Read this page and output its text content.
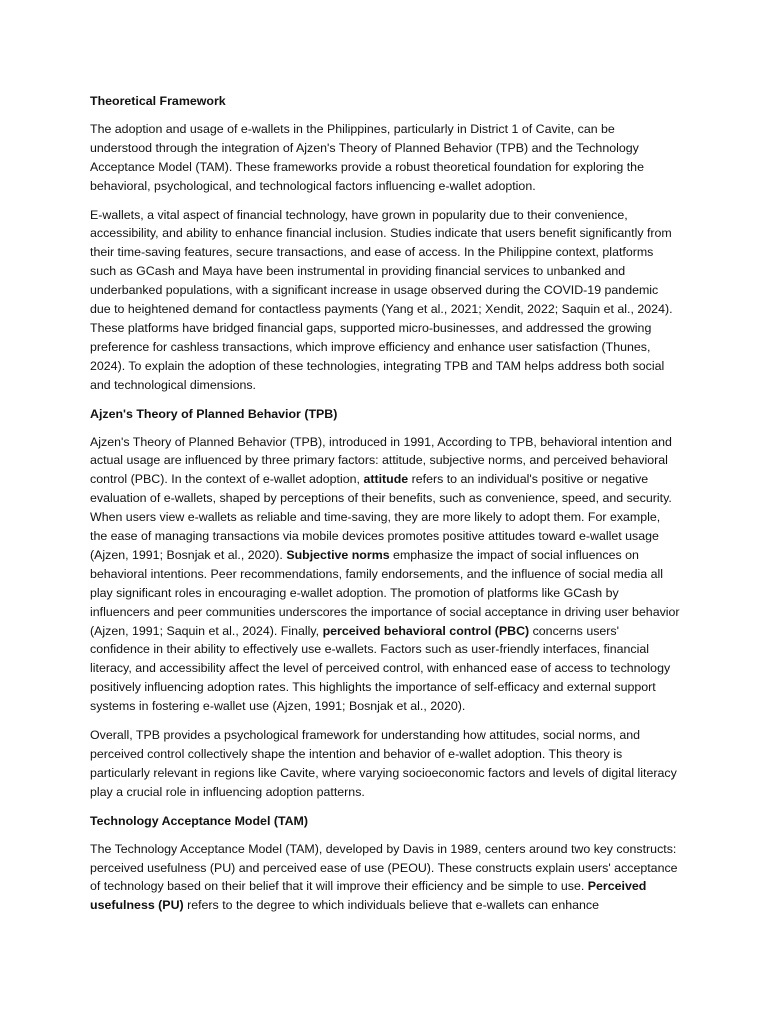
Theoretical Framework

The adoption and usage of e-wallets in the Philippines, particularly in District 1 of Cavite, can be understood through the integration of Ajzen's Theory of Planned Behavior (TPB) and the Technology Acceptance Model (TAM). These frameworks provide a robust theoretical foundation for exploring the behavioral, psychological, and technological factors influencing e-wallet adoption.

E-wallets, a vital aspect of financial technology, have grown in popularity due to their convenience, accessibility, and ability to enhance financial inclusion. Studies indicate that users benefit significantly from their time-saving features, secure transactions, and ease of access. In the Philippine context, platforms such as GCash and Maya have been instrumental in providing financial services to unbanked and underbanked populations, with a significant increase in usage observed during the COVID-19 pandemic due to heightened demand for contactless payments (Yang et al., 2021; Xendit, 2022; Saquin et al., 2024). These platforms have bridged financial gaps, supported micro-businesses, and addressed the growing preference for cashless transactions, which improve efficiency and enhance user satisfaction (Thunes, 2024). To explain the adoption of these technologies, integrating TPB and TAM helps address both social and technological dimensions.

Ajzen's Theory of Planned Behavior (TPB)

Ajzen's Theory of Planned Behavior (TPB), introduced in 1991, According to TPB, behavioral intention and actual usage are influenced by three primary factors: attitude, subjective norms, and perceived behavioral control (PBC). In the context of e-wallet adoption, attitude refers to an individual's positive or negative evaluation of e-wallets, shaped by perceptions of their benefits, such as convenience, speed, and security. When users view e-wallets as reliable and time-saving, they are more likely to adopt them. For example, the ease of managing transactions via mobile devices promotes positive attitudes toward e-wallet usage (Ajzen, 1991; Bosnjak et al., 2020). Subjective norms emphasize the impact of social influences on behavioral intentions. Peer recommendations, family endorsements, and the influence of social media all play significant roles in encouraging e-wallet adoption. The promotion of platforms like GCash by influencers and peer communities underscores the importance of social acceptance in driving user behavior (Ajzen, 1991; Saquin et al., 2024). Finally, perceived behavioral control (PBC) concerns users' confidence in their ability to effectively use e-wallets. Factors such as user-friendly interfaces, financial literacy, and accessibility affect the level of perceived control, with enhanced ease of access to technology positively influencing adoption rates. This highlights the importance of self-efficacy and external support systems in fostering e-wallet use (Ajzen, 1991; Bosnjak et al., 2020).

Overall, TPB provides a psychological framework for understanding how attitudes, social norms, and perceived control collectively shape the intention and behavior of e-wallet adoption. This theory is particularly relevant in regions like Cavite, where varying socioeconomic factors and levels of digital literacy play a crucial role in influencing adoption patterns.

Technology Acceptance Model (TAM)

The Technology Acceptance Model (TAM), developed by Davis in 1989, centers around two key constructs: perceived usefulness (PU) and perceived ease of use (PEOU). These constructs explain users' acceptance of technology based on their belief that it will improve their efficiency and be simple to use. Perceived usefulness (PU) refers to the degree to which individuals believe that e-wallets can enhance
